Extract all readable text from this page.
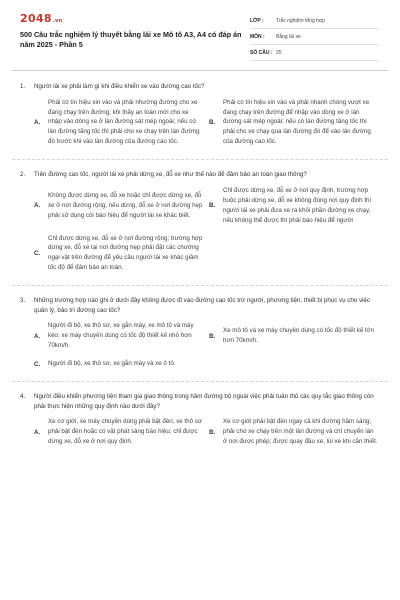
2048.vn
500 Câu trắc nghiệm lý thuyết bằng lái xe Mô tô A3, A4 có đáp án năm 2025 - Phần 5
LỚP :	Trắc nghiệm tổng hợp
MÔN :	Bằng lái xe
SỐ CÂU : 25
1.	Người lái xe phải làm gì khi điều khiển xe vào đường cao tốc?
A.
Phải có tín hiệu xin vào và phải nhường đường cho xe đang chạy trên đường; khi thấy an toàn mới cho xe nhập vào dòng xe ở làn đường sát mép ngoài; nếu có làn đường tăng tốc thì phải cho xe chạy trên làn đường đó trước khi vào làn đường của đường cao tốc.
B.
Phải có tín hiệu xin vào và phải nhanh chóng vượt xe đang chạy trên đường để nhập vào dòng xe ở làn đường sát mép ngoài; nếu có làn đường tăng tốc thì phải cho xe chạy qua làn đường đó để vào làn đường của đường cao tốc.
2.	Trên đường cao tốc, người lái xe phải dừng xe, đỗ xe như thế nào để đảm bảo an toàn giao thông?
A.
Không được dừng xe, đỗ xe hoặc chỉ được dừng xe, đỗ xe ở nơi đường rộng, nếu dừng, đỗ xe ở nơi đường hẹp phải sử dụng còi báo hiệu để người lái xe khác biết.
B.
Chỉ được dừng xe, đỗ xe ở nơi quy định, trường hợp buộc phải dừng xe, đỗ xe không đúng nơi quy định thì người lái xe phải đưa xe ra khỏi phần đường xe chạy, nếu không thể được thì phải báo hiệu để người
C.
Chỉ được dừng xe, đỗ xe ở nơi đường rộng; trường hợp dừng xe, đỗ xe tại nơi đường hẹp phải đặt các chướng ngại vật trên đường để yêu cầu người lái xe khác giảm tốc độ để đảm bảo an toàn.
3.	Những trường hợp nào ghi ở dưới đây không được đi vào đường cao tốc trừ người, phương tiện, thiết bị phục vụ cho việc quản lý, bảo trì đường cao tốc?
A.
Người đi bộ, xe thô sơ, xe gắn máy, xe mô tô và máy kéo; xe máy chuyên dùng có tốc độ thiết kế nhỏ hơn 70km/h.
B.
Xe mô tô và xe máy chuyên dùng có tốc độ thiết kế lớn hơn 70km/h.
C.	Người đi bộ, xe thô sơ, xe gắn máy và xe ô tô.
4.	Người điều khiển phương tiện tham gia giao thông trong hầm đường bộ ngoài việc phải tuân thủ các quy tắc giao thông còn phải thực hiện những quy định nào dưới đây?
A.
Xe cơ giới, xe máy chuyên dùng phải bật đèn; xe thô sơ phải bật đèn hoặc có vật phát sáng báo hiệu; chỉ được dừng xe, đỗ xe ở nơi quy định.
B.
Xe cơ giới phải bật đèn ngay cả khi đường hầm sáng; phải cho xe chạy trên một làn đường và chỉ chuyển làn ở nơi được phép; được quay đầu xe, lùi xe khi cần thiết.
